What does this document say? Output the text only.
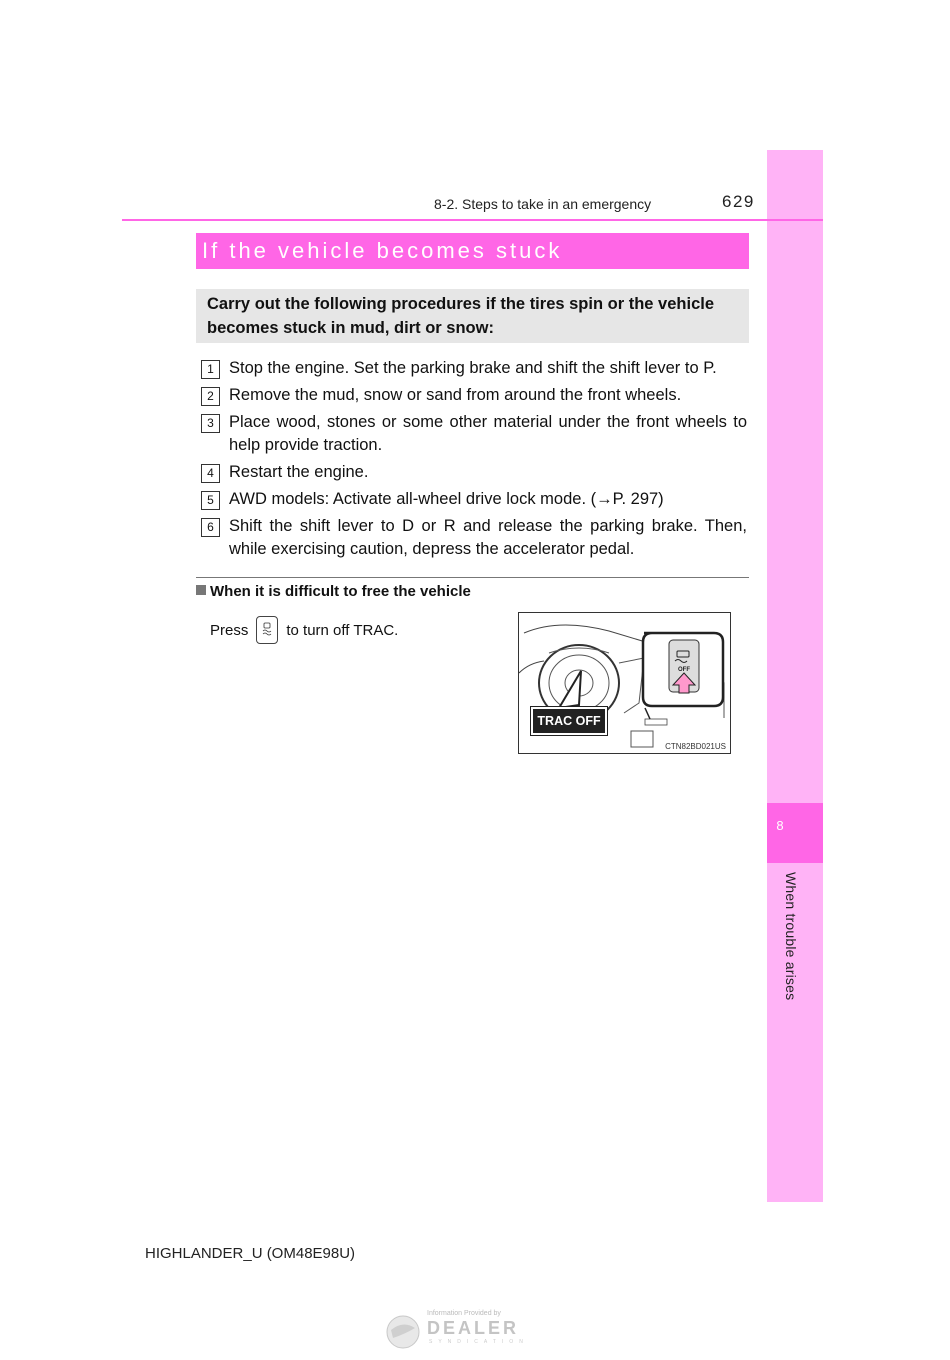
8
When trouble arises
8-2. Steps to take in an emergency	629
If the vehicle becomes stuck
Carry out the following procedures if the tires spin or the vehicle becomes stuck in mud, dirt or snow:
1 Stop the engine. Set the parking brake and shift the shift lever to P.
2 Remove the mud, snow or sand from around the front wheels.
3 Place wood, stones or some other material under the front wheels to help provide traction.
4 Restart the engine.
5 AWD models: Activate all-wheel drive lock mode. (→P. 297)
6 Shift the shift lever to D or R and release the parking brake. Then, while exercising caution, depress the accelerator pedal.
When it is difficult to free the vehicle
Press	to turn off TRAC.
OFF
TRAC OFF
CTN82BD021US
HIGHLANDER_U (OM48E98U)
Information Provided by
DEALER
SYNDICATION
